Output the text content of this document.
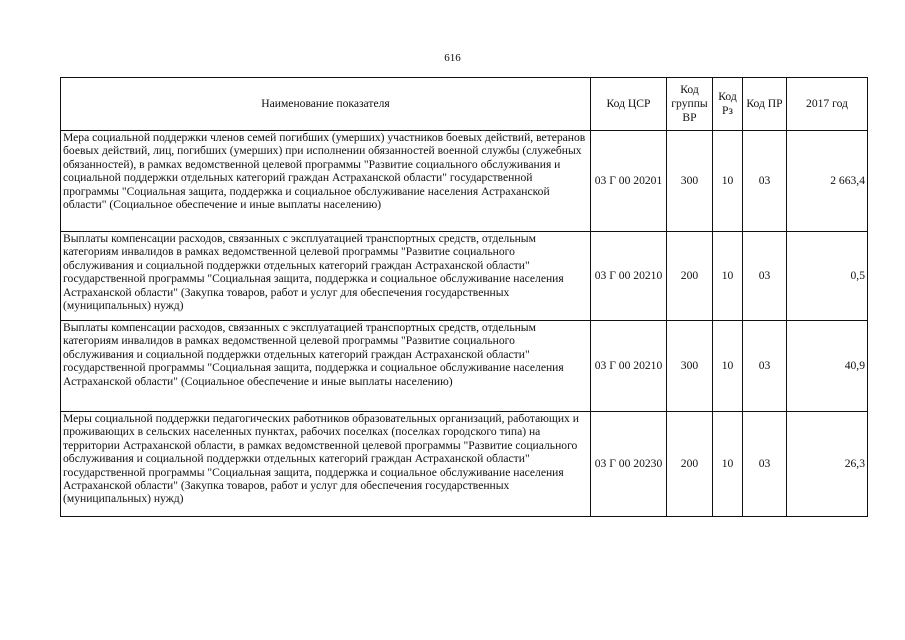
616
Наименование показателя	Код ЦСР	Код группы ВР	Код Рз	Код ПР	2017 год
Мера социальной поддержки членов семей погибших (умерших) участников боевых действий, ветеранов боевых действий, лиц, погибших (умерших) при исполнении обязанностей военной службы (служебных обязанностей), в рамках ведомственной целевой программы "Развитие социального обслуживания и социальной поддержки отдельных категорий граждан Астраханской области" государственной программы "Социальная защита, поддержка и социальное обслуживание населения Астраханской области" (Социальное обеспечение и иные выплаты населению)	03 Г 00 20201	300	10	03	2 663,4
Выплаты компенсации расходов, связанных с эксплуатацией транспортных средств, отдельным категориям инвалидов в рамках ведомственной целевой программы "Развитие социального обслуживания и социальной поддержки отдельных категорий граждан Астраханской области" государственной программы "Социальная защита, поддержка и социальное обслуживание населения Астраханской области" (Закупка товаров, работ и услуг для обеспечения государственных (муниципальных) нужд)	03 Г 00 20210	200	10	03	0,5
Выплаты компенсации расходов, связанных с эксплуатацией транспортных средств, отдельным категориям инвалидов в рамках ведомственной целевой программы "Развитие социального обслуживания и социальной поддержки отдельных категорий граждан Астраханской области" государственной программы "Социальная защита, поддержка и социальное обслуживание населения Астраханской области" (Социальное обеспечение и иные выплаты населению)	03 Г 00 20210	300	10	03	40,9
Меры социальной поддержки педагогических работников образовательных организаций, работающих и проживающих в сельских населенных пунктах, рабочих поселках (поселках городского типа) на территории Астраханской области, в рамках ведомственной целевой программы "Развитие социального обслуживания и социальной поддержки отдельных категорий граждан Астраханской области" государственной программы "Социальная защита, поддержка и социальное обслуживание населения Астраханской области" (Закупка товаров, работ и услуг для обеспечения государственных (муниципальных) нужд)	03 Г 00 20230	200	10	03	26,3
